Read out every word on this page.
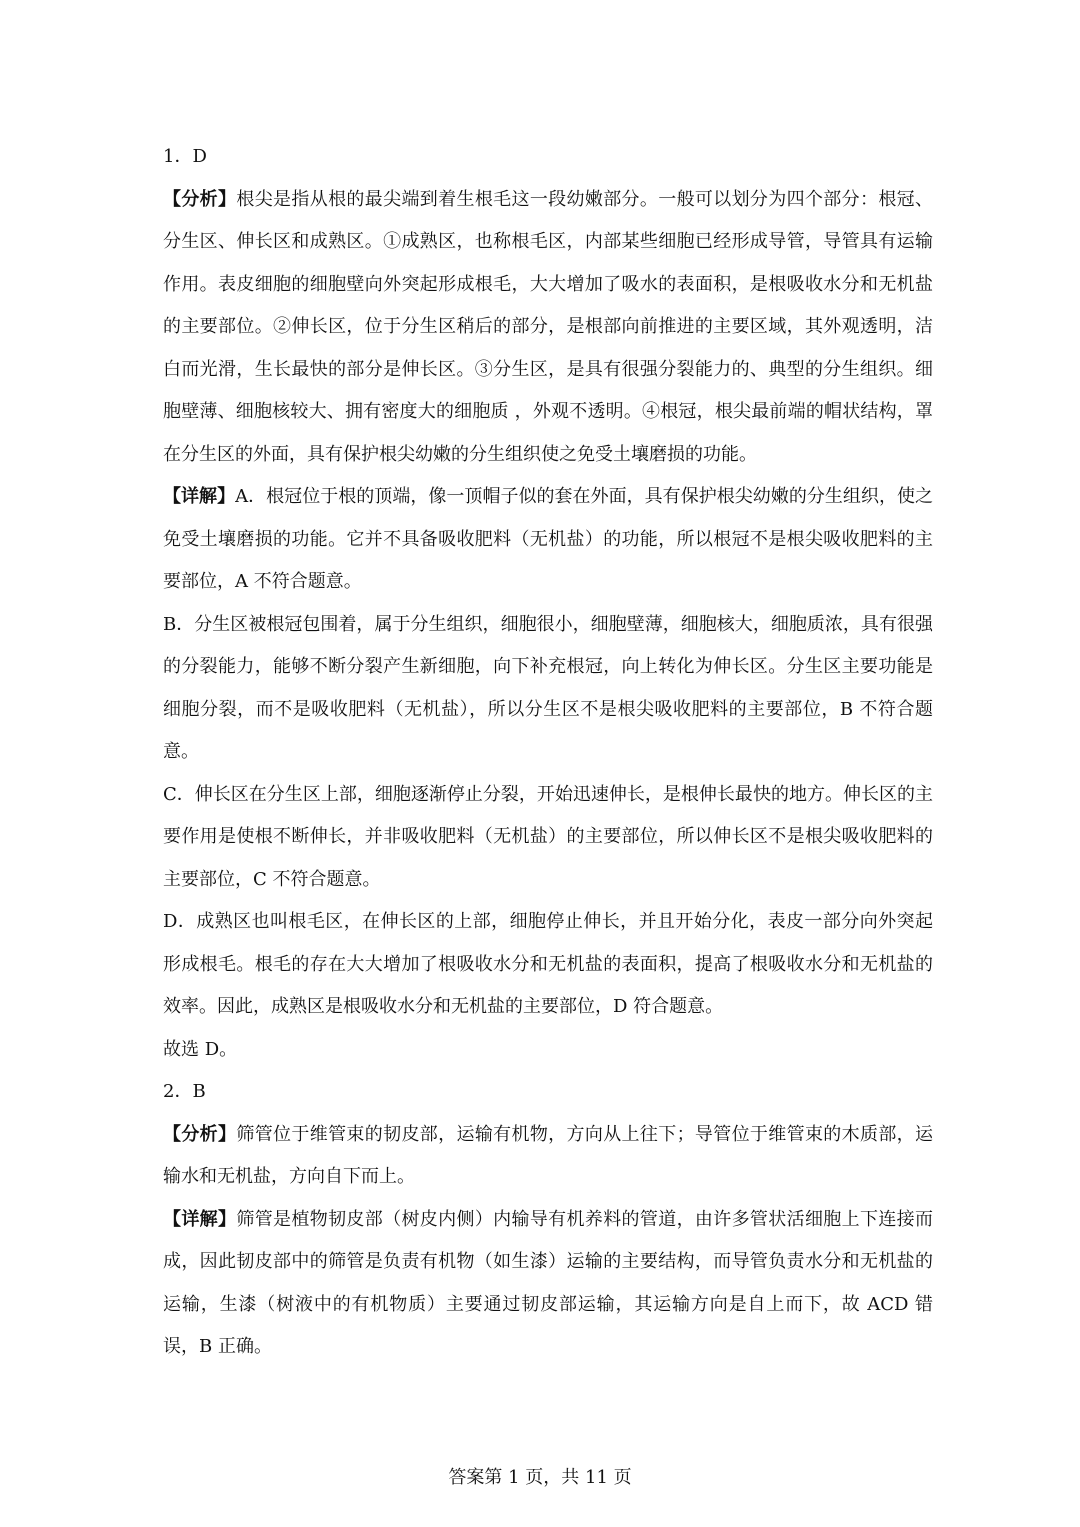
1．D

【分析】根尖是指从根的最尖端到着生根毛这一段幼嫩部分。一般可以划分为四个部分：根冠、分生区、伸长区和成熟区。①成熟区，也称根毛区，内部某些细胞已经形成导管，导管具有运输作用。表皮细胞的细胞壁向外突起形成根毛，大大增加了吸水的表面积，是根吸收水分和无机盐的主要部位。②伸长区，位于分生区稍后的部分，是根部向前推进的主要区域，其外观透明，洁白而光滑，生长最快的部分是伸长区。③分生区，是具有很强分裂能力的、典型的分生组织。细胞壁薄、细胞核较大、拥有密度大的细胞质 ，外观不透明。④根冠，根尖最前端的帽状结构，罩在分生区的外面，具有保护根尖幼嫩的分生组织使之免受土壤磨损的功能。

【详解】A．根冠位于根的顶端，像一顶帽子似的套在外面，具有保护根尖幼嫩的分生组织，使之免受土壤磨损的功能。它并不具备吸收肥料（无机盐）的功能，所以根冠不是根尖吸收肥料的主要部位，A 不符合题意。

B．分生区被根冠包围着，属于分生组织，细胞很小，细胞壁薄，细胞核大，细胞质浓，具有很强的分裂能力，能够不断分裂产生新细胞，向下补充根冠，向上转化为伸长区。分生区主要功能是细胞分裂，而不是吸收肥料（无机盐），所以分生区不是根尖吸收肥料的主要部位，B 不符合题意。

C．伸长区在分生区上部，细胞逐渐停止分裂，开始迅速伸长，是根伸长最快的地方。伸长区的主要作用是使根不断伸长，并非吸收肥料（无机盐）的主要部位，所以伸长区不是根尖吸收肥料的主要部位，C 不符合题意。

D．成熟区也叫根毛区，在伸长区的上部，细胞停止伸长，并且开始分化，表皮一部分向外突起形成根毛。根毛的存在大大增加了根吸收水分和无机盐的表面积，提高了根吸收水分和无机盐的效率。因此，成熟区是根吸收水分和无机盐的主要部位，D 符合题意。

故选 D。

2．B

【分析】筛管位于维管束的韧皮部，运输有机物，方向从上往下；导管位于维管束的木质部，运输水和无机盐，方向自下而上。

【详解】筛管是植物韧皮部（树皮内侧）内输导有机养料的管道，由许多管状活细胞上下连接而成，因此韧皮部中的筛管是负责有机物（如生漆）运输的主要结构，而导管负责水分和无机盐的运输，生漆（树液中的有机物质）主要通过韧皮部运输，其运输方向是自上而下，故 ACD 错误，B 正确。

答案第 1 页，共 11 页
